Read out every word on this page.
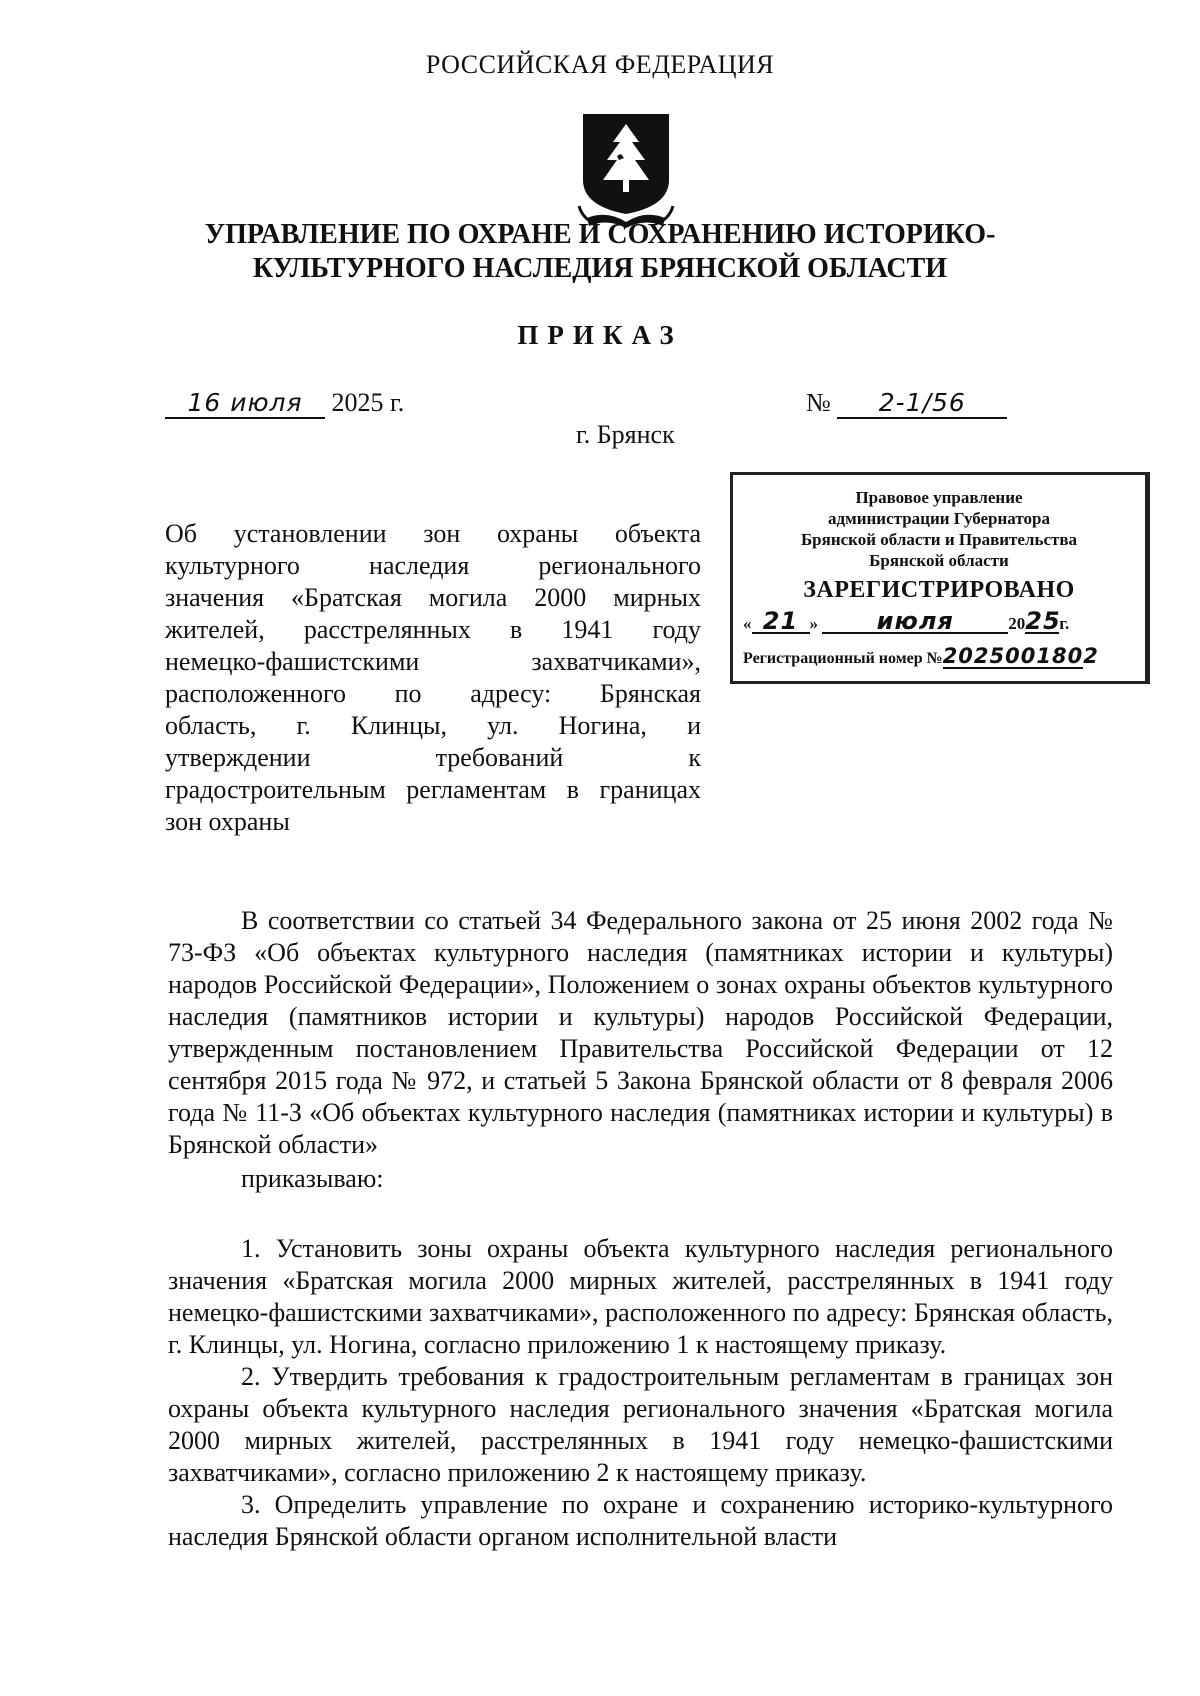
РОССИЙСКАЯ ФЕДЕРАЦИЯ
УПРАВЛЕНИЕ ПО ОХРАНЕ И СОХРАНЕНИЮ ИСТОРИКО-
КУЛЬТУРНОГО НАСЛЕДИЯ БРЯНСКОЙ ОБЛАСТИ
ПРИКАЗ
16 июля 2025 г.	№ 2-1/56
г. Брянск
Об установлении зон охраны объекта
культурного наследия регионального
значения «Братская могила 2000 мирных
жителей, расстрелянных в 1941 году
немецко-фашистскими захватчиками»,
расположенного по адресу: Брянская
область, г. Клинцы, ул. Ногина, и
утверждении требований к
градостроительным регламентам в границах
зон охраны
Правовое управление
администрации Губернатора
Брянской области и Правительства
Брянской области
ЗАРЕГИСТРИРОВАНО
« 21 » июля	2025г.
Регистрационный номер №2025001802

В соответствии со статьей 34 Федерального закона от 25 июня 2002 года № 73-ФЗ «Об объектах культурного наследия (памятниках истории и культуры) народов Российской Федерации», Положением о зонах охраны объектов культурного наследия (памятников истории и культуры) народов Российской Федерации, утвержденным постановлением Правительства Российской Федерации от 12 сентября 2015 года № 972, и статьей 5 Закона Брянской области от 8 февраля 2006 года № 11-З «Об объектах культурного наследия (памятниках истории и культуры) в Брянской области»

приказываю:

1. Установить зоны охраны объекта культурного наследия регионального значения «Братская могила 2000 мирных жителей, расстрелянных в 1941 году немецко-фашистскими захватчиками», расположенного по адресу: Брянская область, г. Клинцы, ул. Ногина, согласно приложению 1 к настоящему приказу.

2. Утвердить требования к градостроительным регламентам в границах зон охраны объекта культурного наследия регионального значения «Братская могила 2000 мирных жителей, расстрелянных в 1941 году немецко-фашистскими захватчиками», согласно приложению 2 к настоящему приказу.

3. Определить управление по охране и сохранению историко-культурного наследия Брянской области органом исполнительной власти
